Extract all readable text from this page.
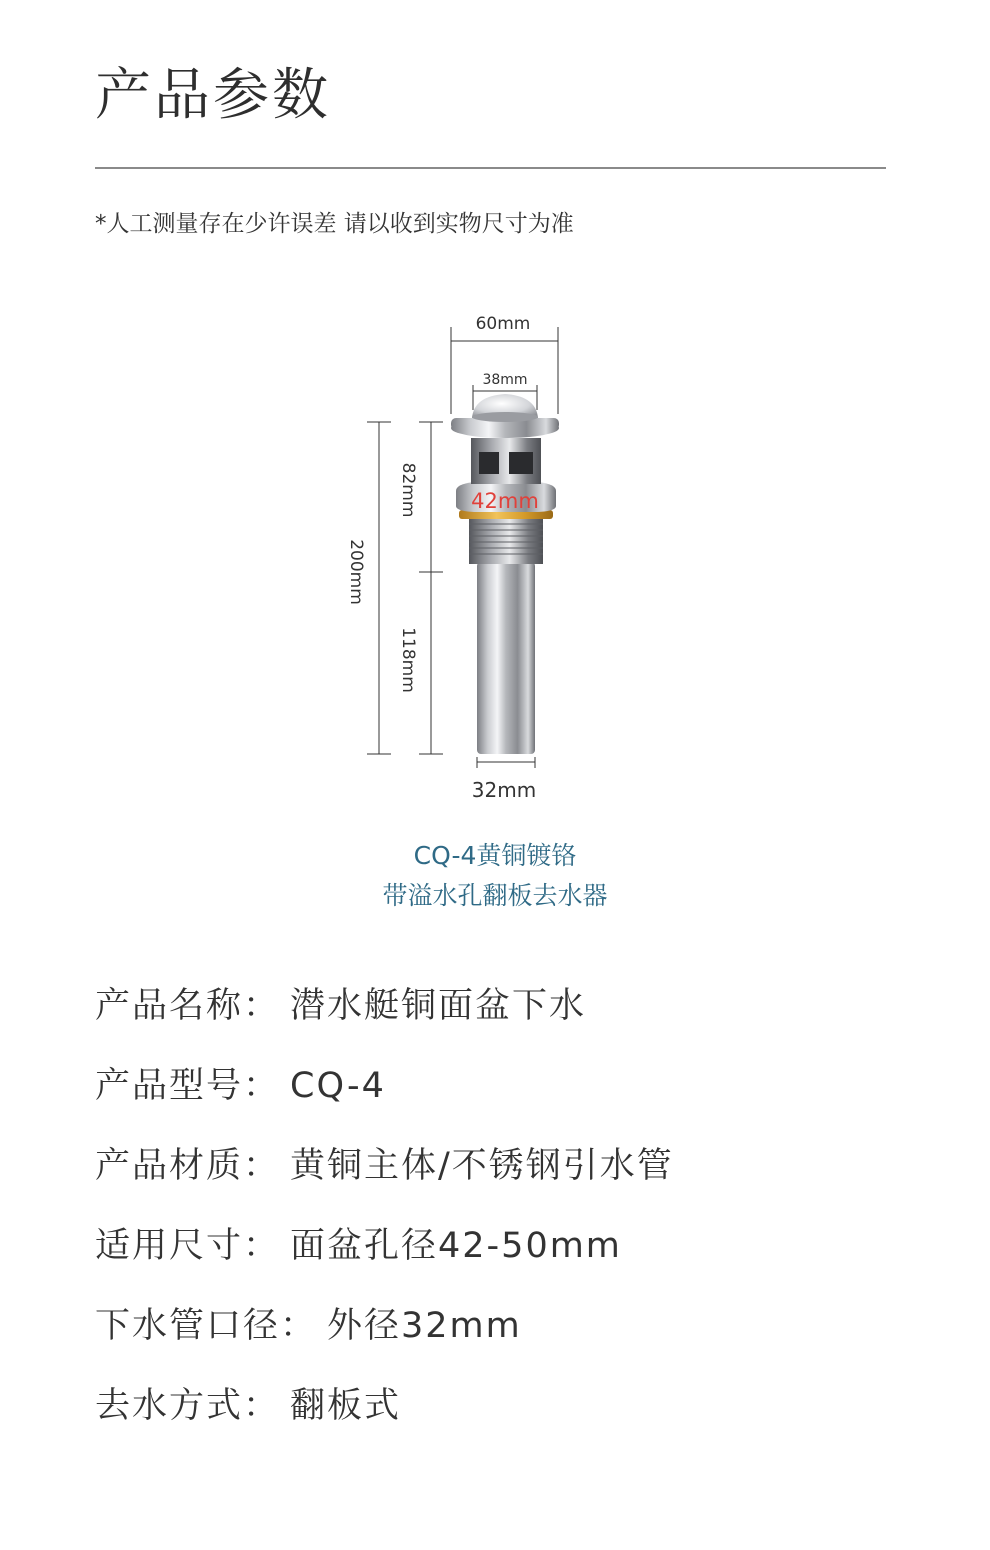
产品参数
*人工测量存在少许误差 请以收到实物尺寸为准
60mm
38mm
200mm
82mm
118mm
42mm
32mm
CQ-4黄铜镀铬
带溢水孔翻板去水器
产品名称： 潜水艇铜面盆下水
产品型号： CQ-4
产品材质： 黄铜主体/不锈钢引水管
适用尺寸： 面盆孔径42-50mm
下水管口径： 外径32mm
去水方式： 翻板式
